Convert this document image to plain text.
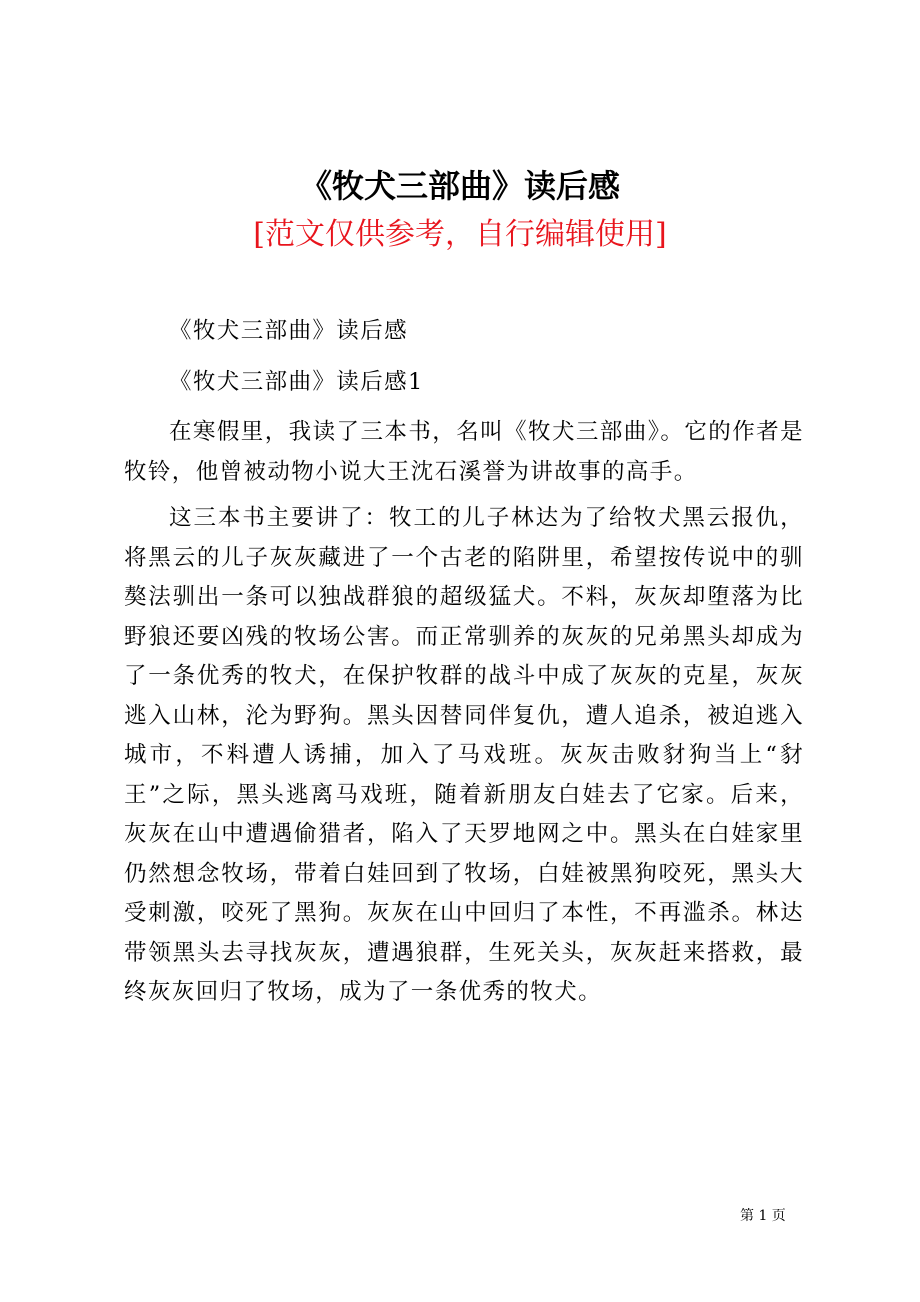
《牧犬三部曲》读后感
[范文仅供参考，自行编辑使用]

《牧犬三部曲》读后感

《牧犬三部曲》读后感1

在寒假里，我读了三本书，名叫《牧犬三部曲》。它的作者是牧铃，他曾被动物小说大王沈石溪誉为讲故事的高手。

这三本书主要讲了：牧工的儿子林达为了给牧犬黑云报仇，将黑云的儿子灰灰藏进了一个古老的陷阱里，希望按传说中的驯獒法驯出一条可以独战群狼的超级猛犬。不料，灰灰却堕落为比野狼还要凶残的牧场公害。而正常驯养的灰灰的兄弟黑头却成为了一条优秀的牧犬，在保护牧群的战斗中成了灰灰的克星，灰灰逃入山林，沦为野狗。黑头因替同伴复仇，遭人追杀，被迫逃入城市，不料遭人诱捕，加入了马戏班。灰灰击败豺狗当上“豺王”之际，黑头逃离马戏班，随着新朋友白娃去了它家。后来，灰灰在山中遭遇偷猎者，陷入了天罗地网之中。黑头在白娃家里仍然想念牧场，带着白娃回到了牧场，白娃被黑狗咬死，黑头大受刺激，咬死了黑狗。灰灰在山中回归了本性，不再滥杀。林达带领黑头去寻找灰灰，遭遇狼群，生死关头，灰灰赶来搭救，最终灰灰回归了牧场，成为了一条优秀的牧犬。

第 1 页
